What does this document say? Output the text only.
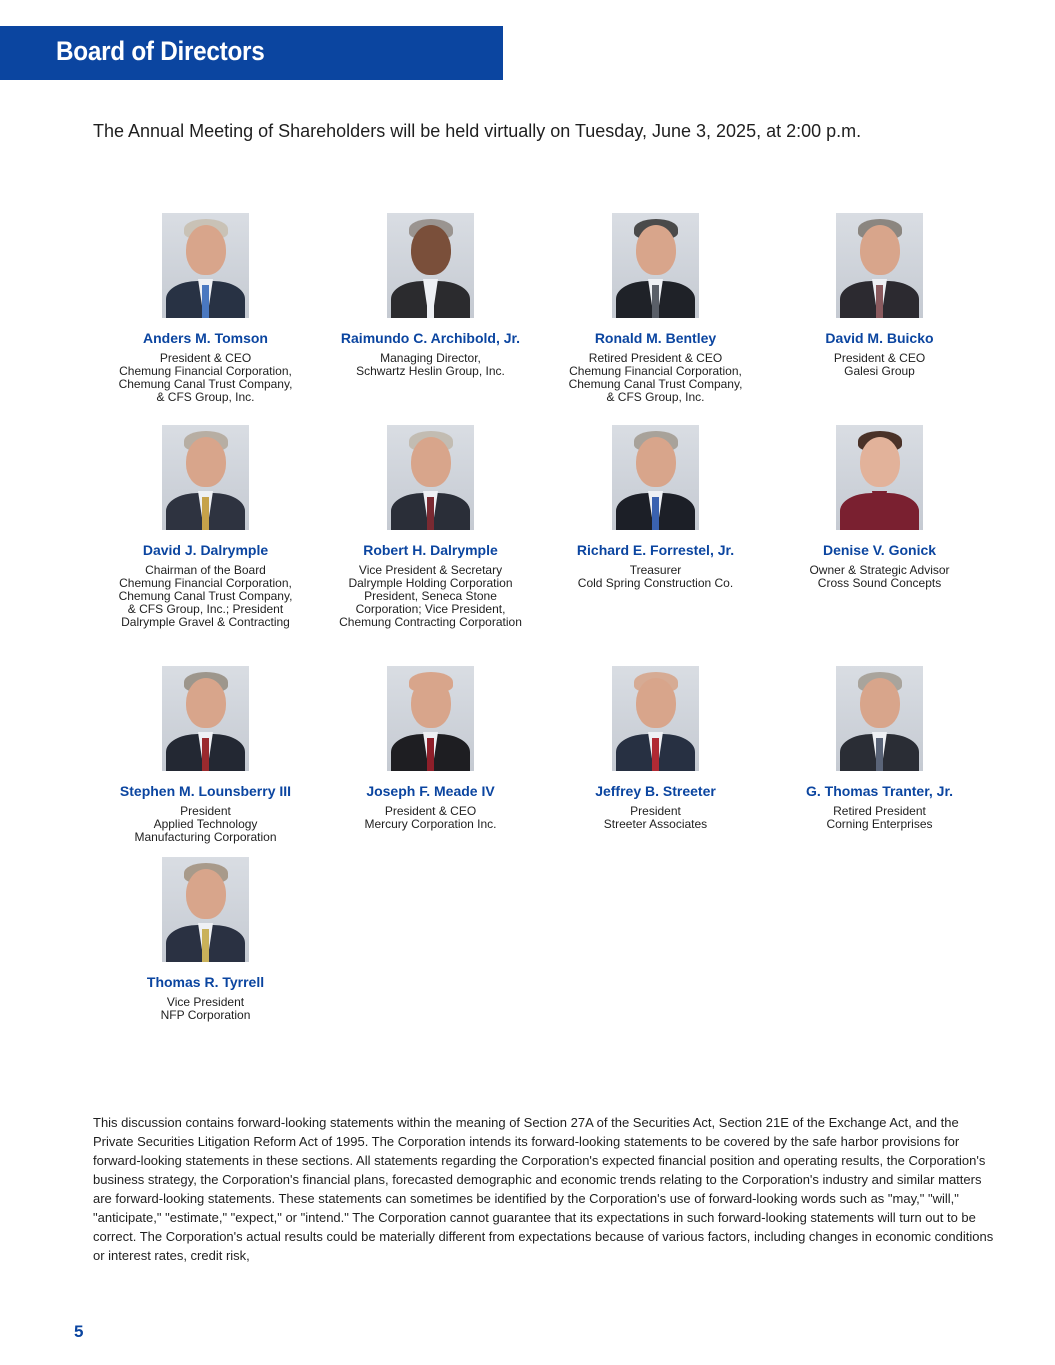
Board of Directors
The Annual Meeting of Shareholders will be held virtually on Tuesday, June 3, 2025, at 2:00 p.m.
Anders M. Tomson
President & CEO
Chemung Financial Corporation,
Chemung Canal Trust Company,
& CFS Group, Inc.
Raimundo C. Archibold, Jr.
Managing Director,
Schwartz Heslin Group, Inc.
Ronald M. Bentley
Retired President & CEO
Chemung Financial Corporation,
Chemung Canal Trust Company,
& CFS Group, Inc.
David M. Buicko
President & CEO
Galesi Group
David J. Dalrymple
Chairman of the Board
Chemung Financial Corporation,
Chemung Canal Trust Company,
& CFS Group, Inc.; President
Dalrymple Gravel & Contracting
Robert H. Dalrymple
Vice President & Secretary
Dalrymple Holding Corporation
President, Seneca Stone
Corporation; Vice President,
Chemung Contracting Corporation
Richard E. Forrestel, Jr.
Treasurer
Cold Spring Construction Co.
Denise V. Gonick
Owner & Strategic Advisor
Cross Sound Concepts
Stephen M. Lounsberry III
President
Applied Technology
Manufacturing Corporation
Joseph F. Meade IV
President & CEO
Mercury Corporation Inc.
Jeffrey B. Streeter
President
Streeter Associates
G. Thomas Tranter, Jr.
Retired President
Corning Enterprises
Thomas R. Tyrrell
Vice President
NFP Corporation

This discussion contains forward-looking statements within the meaning of Section 27A of the Securities Act, Section 21E of the Exchange Act, and the Private Securities Litigation Reform Act of 1995. The Corporation intends its forward-looking statements to be covered by the safe harbor provisions for forward-looking statements in these sections. All statements regarding the Corporation's expected financial position and operating results, the Corporation's business strategy, the Corporation's financial plans, forecasted demographic and economic trends relating to the Corporation's industry and similar matters are forward-looking statements. These statements can sometimes be identified by the Corporation's use of forward-looking words such as "may," "will," "anticipate," "estimate," "expect," or "intend." The Corporation cannot guarantee that its expectations in such forward-looking statements will turn out to be correct. The Corporation's actual results could be materially different from expectations because of various factors, including changes in economic conditions or interest rates, credit risk,

5
